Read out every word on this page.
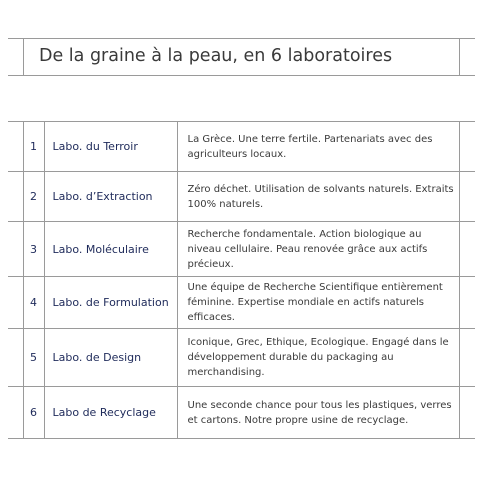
De la graine à la peau, en 6 laboratoires
	1	Labo. du Terroir	La Grèce. Une terre fertile. Partenariats avec des agriculteurs locaux.	
	2	Labo. d’Extraction	Zéro déchet. Utilisation de solvants naturels. Extraits 100% naturels.	
	3	Labo. Moléculaire	Recherche fondamentale. Action biologique au niveau cellulaire. Peau renovée grâce aux actifs précieux.	
	4	Labo. de Formulation	Une équipe de Recherche Scientifique entièrement féminine. Expertise mondiale en actifs naturels efficaces.	
	5	Labo. de Design	Iconique, Grec, Ethique, Ecologique. Engagé dans le développement durable du packaging au merchandising.	
	6	Labo de Recyclage	Une seconde chance pour tous les plastiques, verres et cartons. Notre propre usine de recyclage.	
